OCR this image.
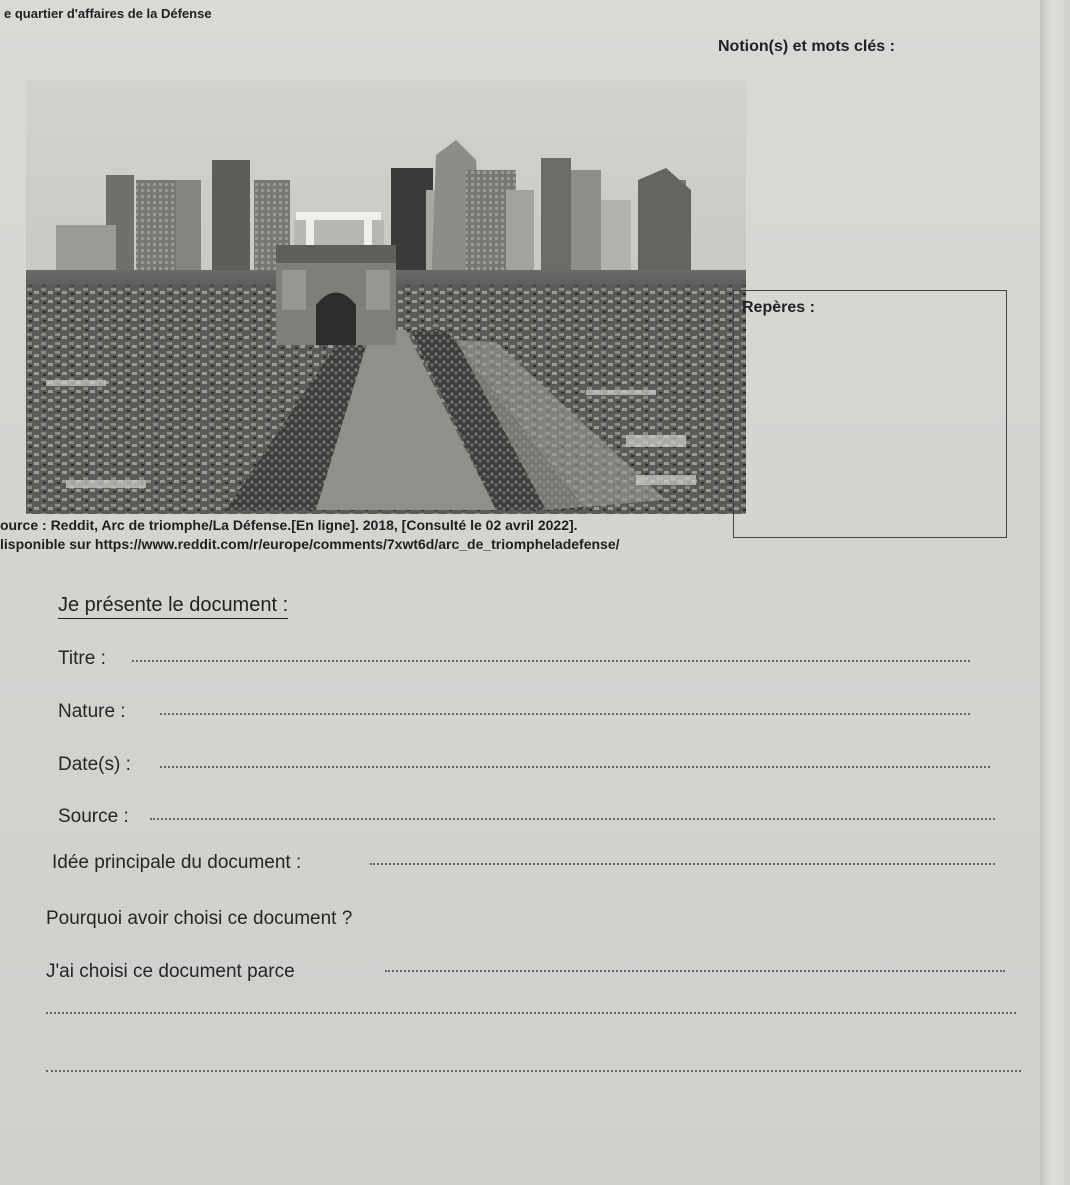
e quartier d'affaires de la Défense
Notion(s) et mots clés :
ource : Reddit, Arc de triomphe/La Défense.[En ligne]. 2018, [Consulté le 02 avril 2022].
lisponible sur https://www.reddit.com/r/europe/comments/7xwt6d/arc_de_triompheladefense/
Repères :
Je présente le document :
Titre :
Nature :
Date(s) :
Source :
Idée principale du document :
Pourquoi avoir choisi ce document ?
J'ai choisi ce document parce
